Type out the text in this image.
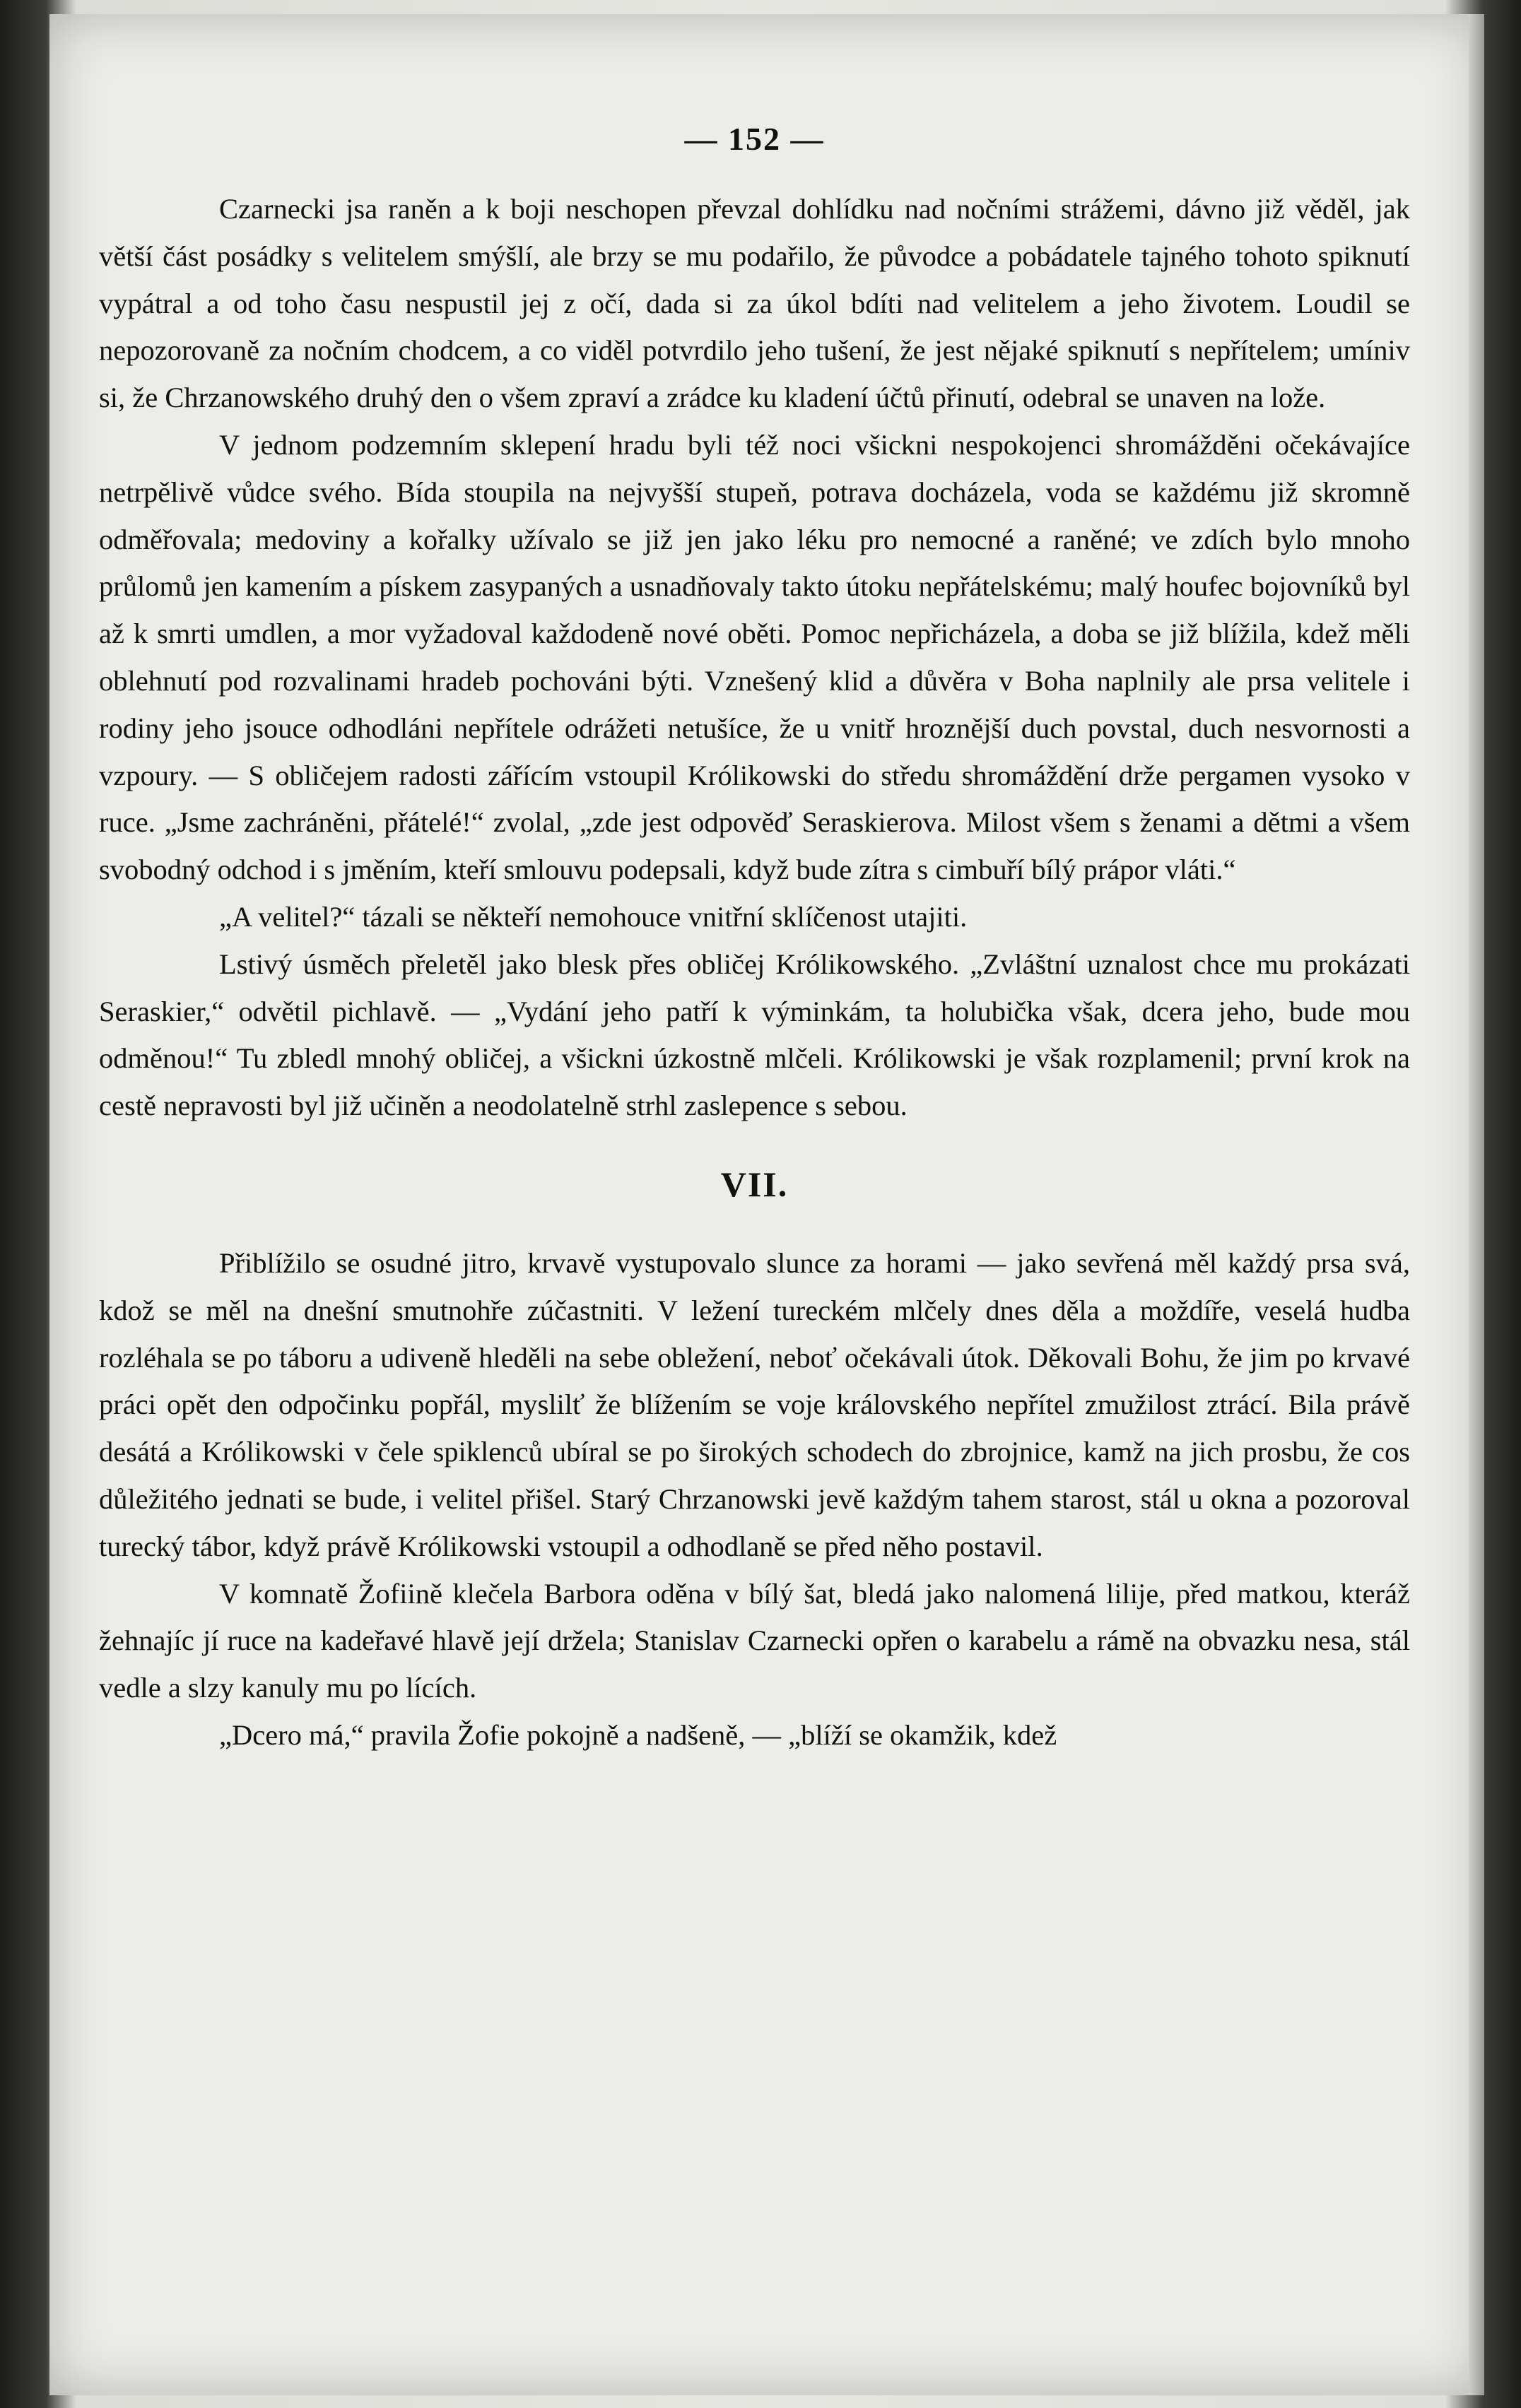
— 152 —

Czarnecki jsa raněn a k boji neschopen převzal dohlídku nad nočními strážemi, dávno již věděl, jak větší část posádky s velitelem smýšlí, ale brzy se mu podařilo, že původce a pobádatele tajného tohoto spiknutí vypátral a od toho času nespustil jej z očí, dada si za úkol bdíti nad velitelem a jeho životem. Loudil se nepozorovaně za nočním chodcem, a co viděl potvrdilo jeho tušení, že jest nějaké spiknutí s nepřítelem; umíniv si, že Chrzanowského druhý den o všem zpraví a zrádce ku kladení účtů přinutí, odebral se unaven na lože.

V jednom podzemním sklepení hradu byli též noci všickni nespokojenci shromážděni očekávajíce netrpělivě vůdce svého. Bída stoupila na nejvyšší stupeň, potrava docházela, voda se každému již skromně odměřovala; medoviny a kořalky užívalo se již jen jako léku pro nemocné a raněné; ve zdích bylo mnoho průlomů jen kamením a pískem zasypaných a usnadňovaly takto útoku nepřátelskému; malý houfec bojovníků byl až k smrti umdlen, a mor vyžadoval každodeně nové oběti. Pomoc nepřicházela, a doba se již blížila, kdež měli oblehnutí pod rozvalinami hradeb pochováni býti. Vznešený klid a důvěra v Boha naplnily ale prsa velitele i rodiny jeho jsouce odhodláni nepřítele odrážeti netušíce, že u vnitř hroznější duch povstal, duch nesvornosti a vzpoury. — S obličejem radosti zářícím vstoupil Królikowski do středu shromáždění drže pergamen vysoko v ruce. „Jsme zachráněni, přátelé!“ zvolal, „zde jest odpověď Seraskierova. Milost všem s ženami a dětmi a všem svobodný odchod i s jměním, kteří smlouvu podepsali, když bude zítra s cimbuří bílý prápor vláti.“

„A velitel?“ tázali se někteří nemohouce vnitřní sklíčenost utajiti.

Lstivý úsměch přeletěl jako blesk přes obličej Królikowského. „Zvláštní uznalost chce mu prokázati Seraskier,“ odvětil pichlavě. — „Vydání jeho patří k výminkám, ta holubička však, dcera jeho, bude mou odměnou!“ Tu zbledl mnohý obličej, a všickni úzkostně mlčeli. Królikowski je však rozplamenil; první krok na cestě nepravosti byl již učiněn a neodolatelně strhl zaslepence s sebou.

VII.

Přiblížilo se osudné jitro, krvavě vystupovalo slunce za horami — jako sevřená měl každý prsa svá, kdož se měl na dnešní smutnohře zúčastniti. V ležení tureckém mlčely dnes děla a moždíře, veselá hudba rozléhala se po táboru a udiveně hleděli na sebe obležení, neboť očekávali útok. Děkovali Bohu, že jim po krvavé práci opět den odpočinku popřál, myslilť že blížením se voje královského nepřítel zmužilost ztrácí. Bila právě desátá a Królikowski v čele spiklenců ubíral se po širokých schodech do zbrojnice, kamž na jich prosbu, že cos důležitého jednati se bude, i velitel přišel. Starý Chrzanowski jevě každým tahem starost, stál u okna a pozoroval turecký tábor, když právě Królikowski vstoupil a odhodlaně se před něho postavil.

V komnatě Žofiině klečela Barbora oděna v bílý šat, bledá jako nalomená lilije, před matkou, kteráž žehnajíc jí ruce na kadeřavé hlavě její držela; Stanislav Czarnecki opřen o karabelu a rámě na obvazku nesa, stál vedle a slzy kanuly mu po lících.

„Dcero má,“ pravila Žofie pokojně a nadšeně, — „blíží se okamžik, kdež
